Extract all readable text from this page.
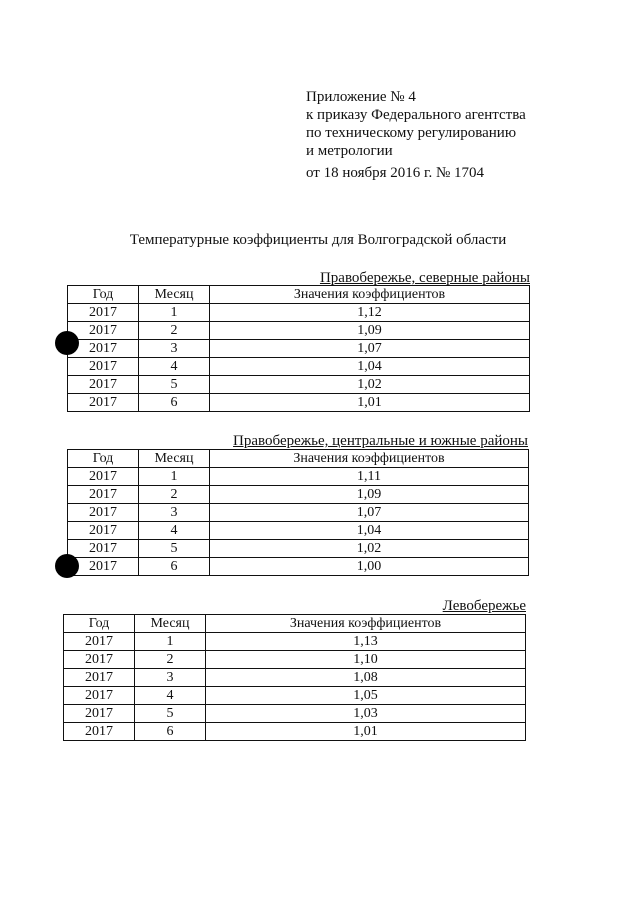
Приложение № 4
к приказу Федерального агентства
по техническому регулированию
и метрологии
от 18 ноября 2016 г. № 1704
Температурные коэффициенты для Волгоградской области
Правобережье, северные районы
Год	Месяц	Значения коэффициентов
2017	1	1,12
2017	2	1,09
2017	3	1,07
2017	4	1,04
2017	5	1,02
2017	6	1,01
Правобережье, центральные и южные районы
Год	Месяц	Значения коэффициентов
2017	1	1,11
2017	2	1,09
2017	3	1,07
2017	4	1,04
2017	5	1,02
2017	6	1,00
Левобережье
Год	Месяц	Значения коэффициентов
2017	1	1,13
2017	2	1,10
2017	3	1,08
2017	4	1,05
2017	5	1,03
2017	6	1,01
